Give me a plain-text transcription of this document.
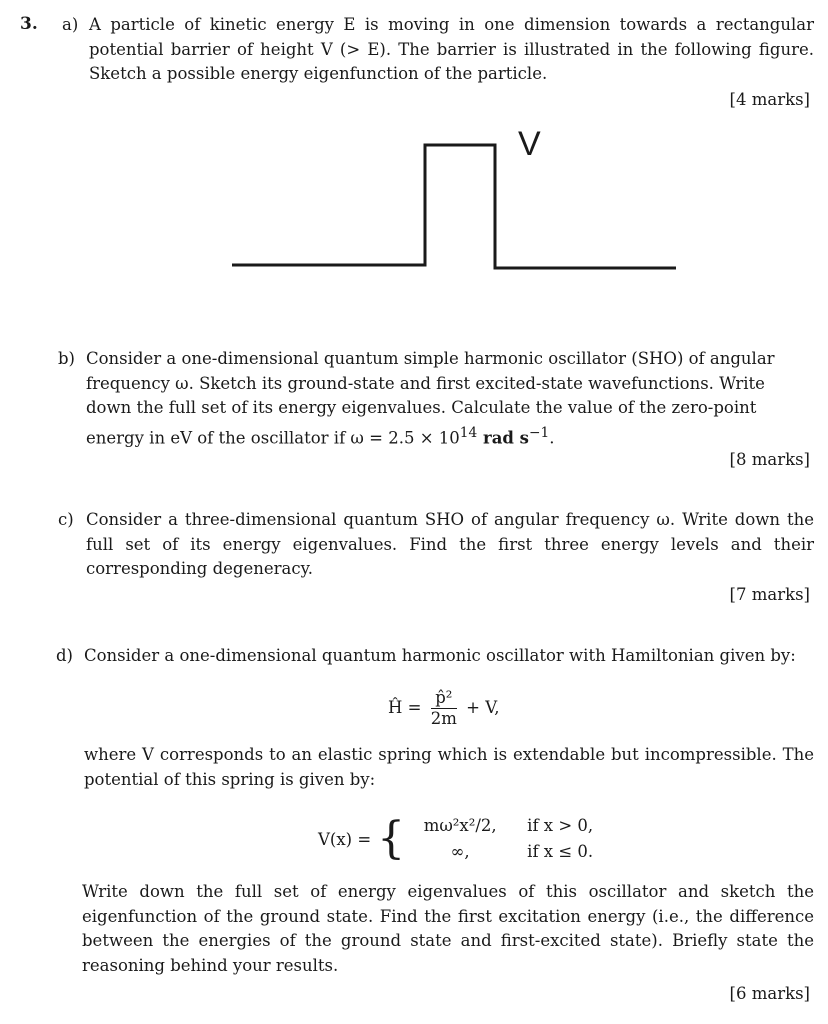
3. a) A particle of kinetic energy E is moving in one dimension towards a rectangular potential barrier of height V (> E). The barrier is illustrated in the following figure. Sketch a possible energy eigenfunction of the particle.
[4 marks]
V
b) Consider a one-dimensional quantum simple harmonic oscillator (SHO) of angular
frequency ω. Sketch its ground-state and first excited-state wavefunctions. Write
down the full set of its energy eigenvalues. Calculate the value of the zero-point
energy in eV of the oscillator if $\omega = 2.5 \times 10^{14}$ rad $s^{-1}$.
[8 marks]
c) Consider a three-dimensional quantum SHO of angular frequency ω. Write down the full set of its energy eigenvalues. Find the first three energy levels and their corresponding degeneracy.
[7 marks]
d) Consider a one-dimensional quantum harmonic oscillator with Hamiltonian given by:
Ĥ = $\frac{\text{p̂²}}{2m} + V$,
where V corresponds to an elastic spring which is extendable but incompressible. The potential of this spring is given by:
V(x) = {	mω²x²/2,	if x > 0,
∞,	if x ≤ 0.
Write down the full set of energy eigenvalues of this oscillator and sketch the eigenfunction of the ground state. Find the first excitation energy (i.e., the difference between the energies of the ground state and first-excited state). Briefly state the reasoning behind your results.
[6 marks]
